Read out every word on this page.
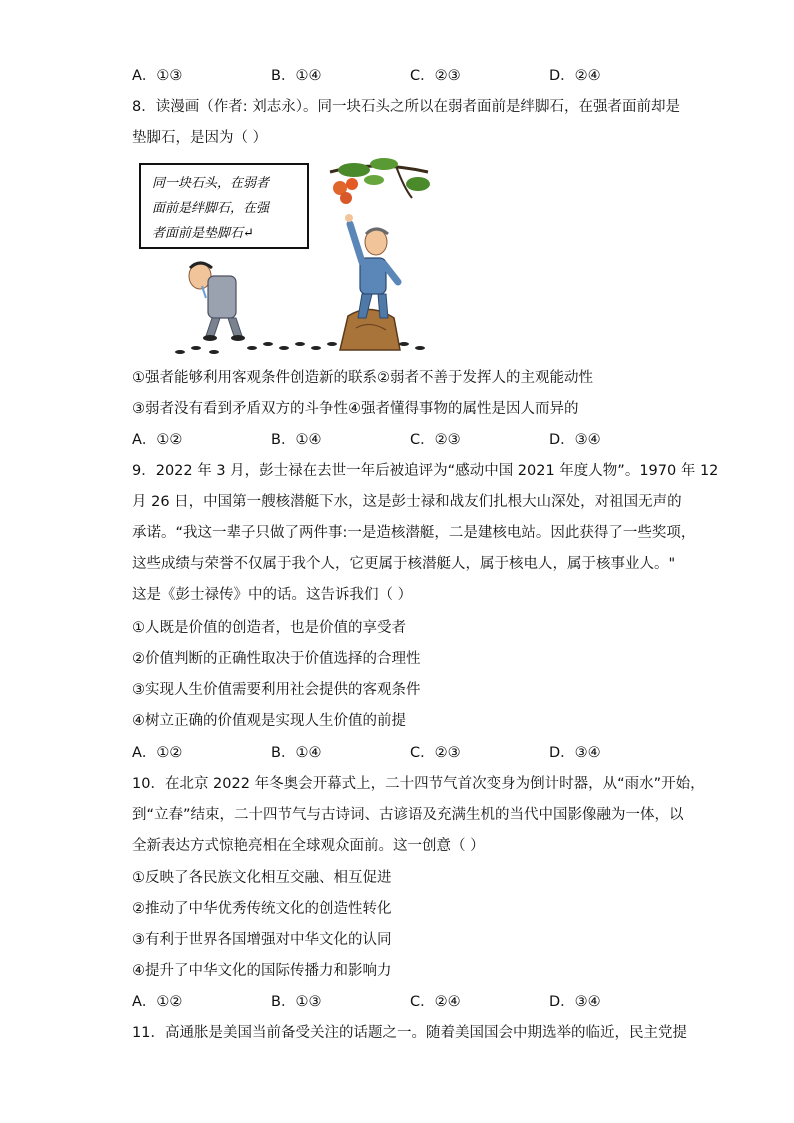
A．①③	B．①④	C．②③	D．②④
8．读漫画（作者: 刘志永）。同一块石头之所以在弱者面前是绊脚石，在强者面前却是
垫脚石，是因为（ ）
同一块石头，在弱者
面前是绊脚石，在强
者面前是垫脚石↵
①强者能够利用客观条件创造新的联系②弱者不善于发挥人的主观能动性
③弱者没有看到矛盾双方的斗争性④强者懂得事物的属性是因人而异的
A．①②	B．①④	C．②③	D．③④
9．2022 年 3 月，彭士禄在去世一年后被追评为“感动中国 2021 年度人物”。1970 年 12
月 26 日，中国第一艘核潜艇下水，这是彭士禄和战友们扎根大山深处，对祖国无声的
承诺。“我这一辈子只做了两件事:一是造核潜艇，二是建核电站。因此获得了一些奖项，
这些成绩与荣誉不仅属于我个人，它更属于核潜艇人，属于核电人，属于核事业人。"
这是《彭士禄传》中的话。这告诉我们（ ）
①人既是价值的创造者，也是价值的享受者
②价值判断的正确性取决于价值选择的合理性
③实现人生价值需要利用社会提供的客观条件
④树立正确的价值观是实现人生价值的前提
A．①②	B．①④	C．②③	D．③④
10．在北京 2022 年冬奥会开幕式上，二十四节气首次变身为倒计时器，从“雨水”开始，
到“立春”结束，二十四节气与古诗词、古谚语及充满生机的当代中国影像融为一体，以
全新表达方式惊艳亮相在全球观众面前。这一创意（ ）
①反映了各民族文化相互交融、相互促进
②推动了中华优秀传统文化的创造性转化
③有利于世界各国增强对中华文化的认同
④提升了中华文化的国际传播力和影响力
A．①②	B．①③	C．②④	D．③④
11．高通胀是美国当前备受关注的话题之一。随着美国国会中期选举的临近，民主党提
